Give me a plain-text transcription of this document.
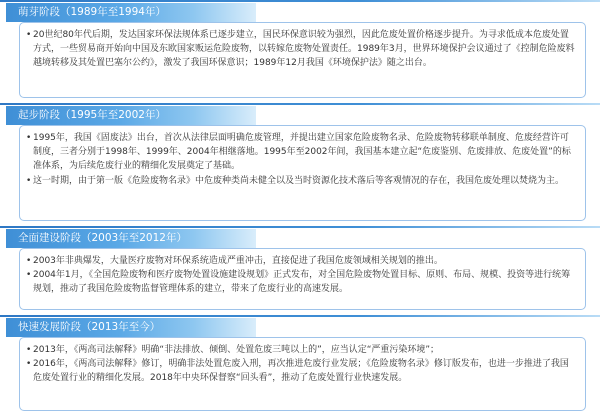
萌芽阶段（1989年至1994年）
• 20世纪80年代后期，发达国家环保法规体系已逐步建立，国民环保意识较为强烈，因此危废处置价格逐步提升。为寻求低成本危废处置方式，一些贸易商开始向中国及东欧国家贩运危险废物，以转嫁危废物处置责任。1989年3月，世界环境保护会议通过了《控制危险废料越境转移及其处置巴塞尔公约》，激发了我国环保意识；1989年12月我国《环境保护法》随之出台。
起步阶段（1995年至2002年）
• 1995年，我国《固废法》出台，首次从法律层面明确危废管理，并提出建立国家危险废物名录、危险废物转移联单制度、危废经营许可制度，三者分别于1998年、1999年、2004年相继落地。1995年至2002年间，我国基本建立起“危废鉴别、危废排放、危废处置”的标准体系，为后续危废行业的精细化发展奠定了基础。
• 这一时期，由于第一版《危险废物名录》中危废种类尚未健全以及当时资源化技术落后等客观情况的存在，我国危废处理以焚烧为主。
全面建设阶段（2003年至2012年）
• 2003年非典爆发，大量医疗废物对环保系统造成严重冲击，直接促进了我国危废领域相关规划的推出。
• 2004年1月，《全国危险废物和医疗废物处置设施建设规划》正式发布，对全国危险废物处置目标、原则、布局、规模、投资等进行统筹规划，推动了我国危险废物监督管理体系的建立，带来了危废行业的高速发展。
快速发展阶段（2013年至今）
• 2013年，《两高司法解释》明确“非法排放、倾倒、处置危废三吨以上的”，应当认定“严重污染环境”；
• 2016年，《两高司法解释》修订，明确非法处置危废入刑，再次推进危废行业发展；《危险废物名录》修订版发布，也进一步推进了我国危废处置行业的精细化发展。2018年中央环保督察“回头看”，推动了危废处置行业快速发展。
